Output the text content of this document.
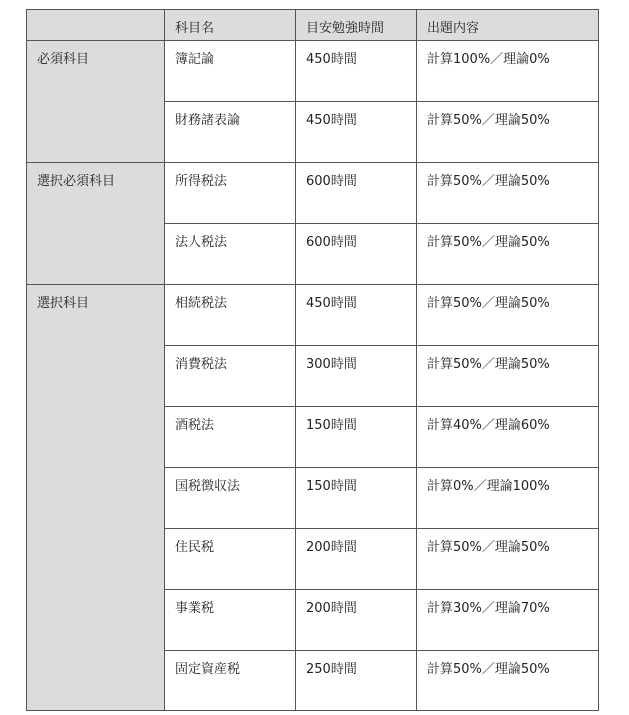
	科目名	目安勉強時間	出題内容
必須科目	簿記論	450時間	計算100%／理論0%
	財務諸表論	450時間	計算50%／理論50%
選択必須科目	所得税法	600時間	計算50%／理論50%
	法人税法	600時間	計算50%／理論50%
選択科目	相続税法	450時間	計算50%／理論50%
	消費税法	300時間	計算50%／理論50%
	酒税法	150時間	計算40%／理論60%
	国税徴収法	150時間	計算0%／理論100%
	住民税	200時間	計算50%／理論50%
	事業税	200時間	計算30%／理論70%
	固定資産税	250時間	計算50%／理論50%
